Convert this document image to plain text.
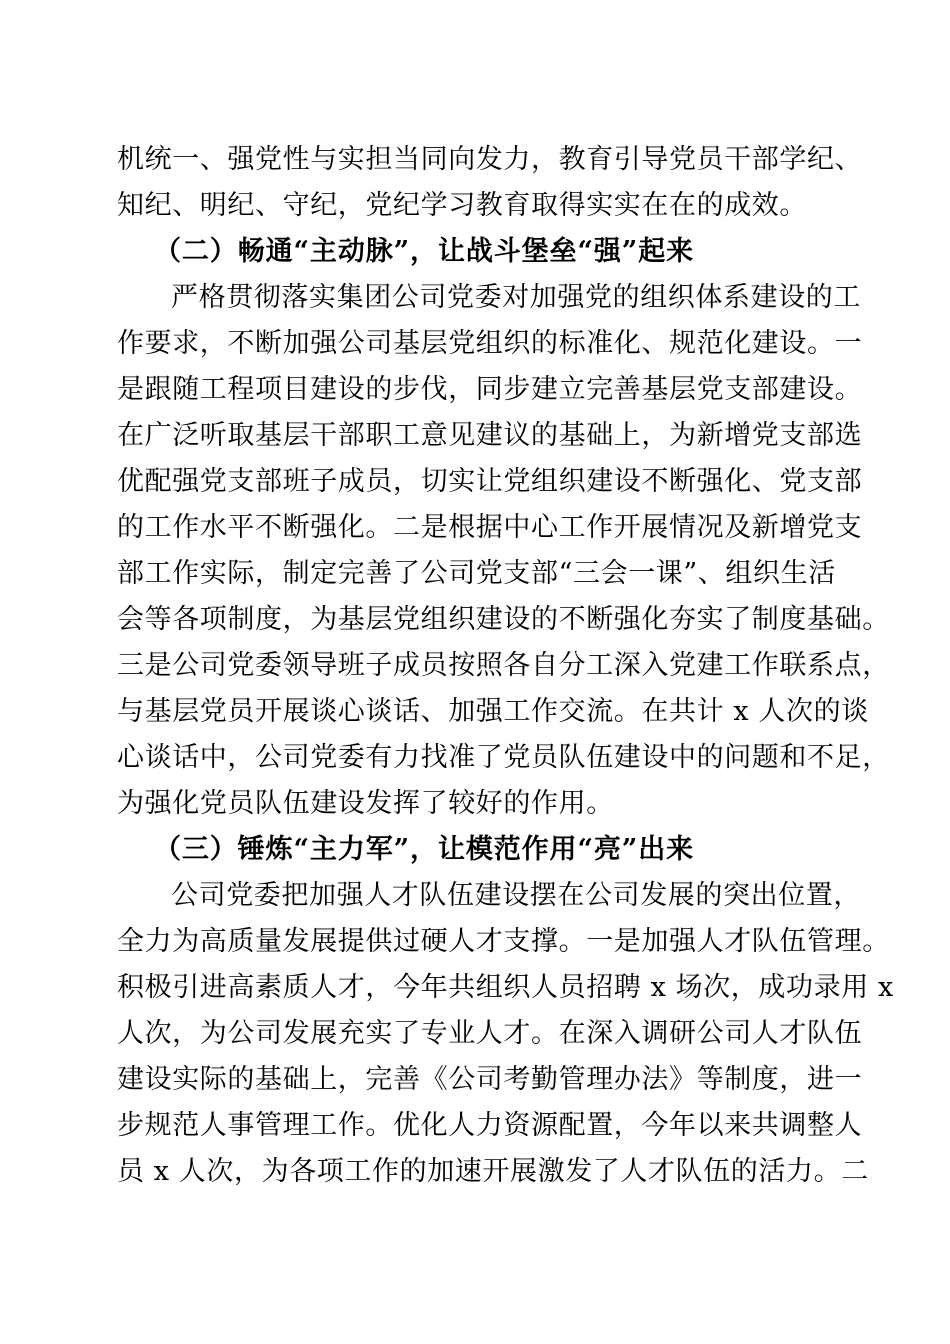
机统一、强党性与实担当同向发力，教育引导党员干部学纪、
知纪、明纪、守纪，党纪学习教育取得实实在在的成效。
（二）畅通“主动脉”，让战斗堡垒“强”起来
严格贯彻落实集团公司党委对加强党的组织体系建设的工
作要求，不断加强公司基层党组织的标准化、规范化建设。一
是跟随工程项目建设的步伐，同步建立完善基层党支部建设。
在广泛听取基层干部职工意见建议的基础上，为新增党支部选
优配强党支部班子成员，切实让党组织建设不断强化、党支部
的工作水平不断强化。二是根据中心工作开展情况及新增党支
部工作实际，制定完善了公司党支部“三会一课”、组织生活
会等各项制度，为基层党组织建设的不断强化夯实了制度基础。
三是公司党委领导班子成员按照各自分工深入党建工作联系点，
与基层党员开展谈心谈话、加强工作交流。在共计 x 人次的谈
心谈话中，公司党委有力找准了党员队伍建设中的问题和不足，
为强化党员队伍建设发挥了较好的作用。
（三）锤炼“主力军”，让模范作用“亮”出来
公司党委把加强人才队伍建设摆在公司发展的突出位置，
全力为高质量发展提供过硬人才支撑。一是加强人才队伍管理。
积极引进高素质人才，今年共组织人员招聘 x 场次，成功录用 x
人次，为公司发展充实了专业人才。在深入调研公司人才队伍
建设实际的基础上，完善《公司考勤管理办法》等制度，进一
步规范人事管理工作。优化人力资源配置，今年以来共调整人
员 x 人次，为各项工作的加速开展激发了人才队伍的活力。二
